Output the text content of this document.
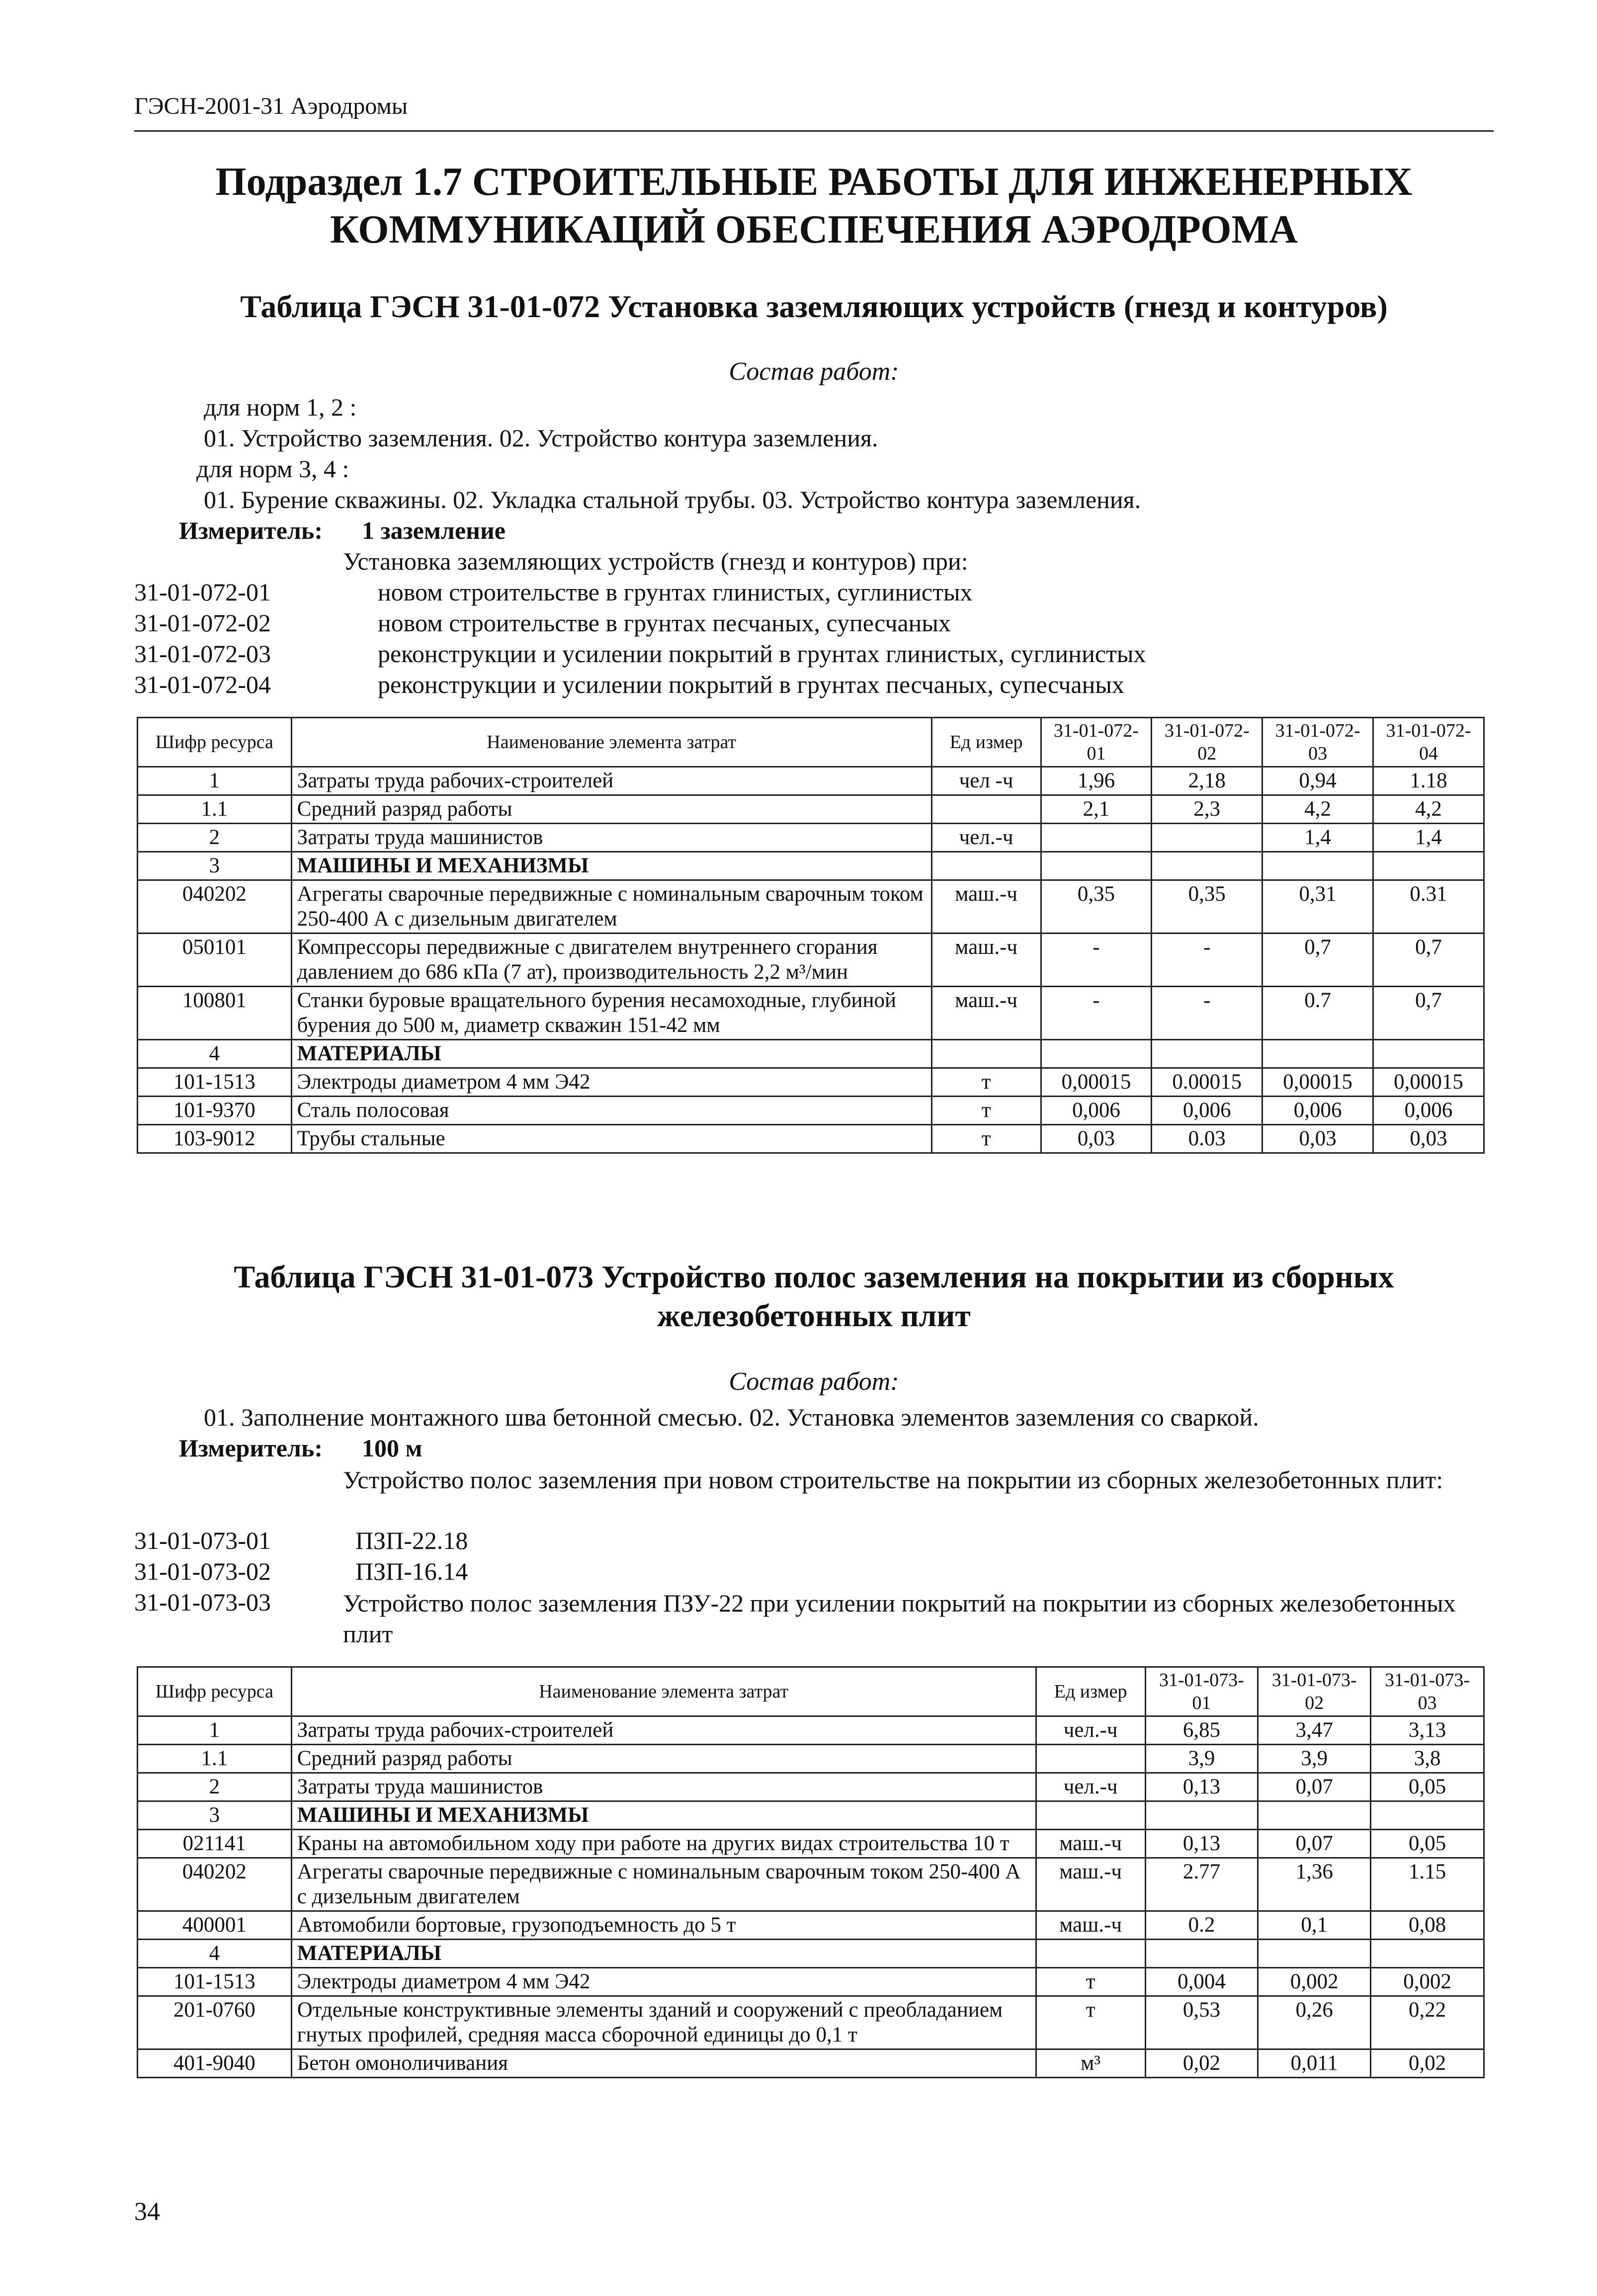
ГЭСН-2001-31 Аэродромы
Подраздел 1.7 СТРОИТЕЛЬНЫЕ РАБОТЫ ДЛЯ ИНЖЕНЕРНЫХ КОММУНИКАЦИЙ ОБЕСПЕЧЕНИЯ АЭРОДРОМА
Таблица ГЭСН 31-01-072 Установка заземляющих устройств (гнезд и контуров)
Состав работ:
для норм 1, 2 :
01. Устройство заземления. 02. Устройство контура заземления.
для норм 3, 4 :
01. Бурение скважины. 02. Укладка стальной трубы. 03. Устройство контура заземления.
Измеритель: 1 заземление
Установка заземляющих устройств (гнезд и контуров) при:
31-01-072-01	новом строительстве в грунтах глинистых, суглинистых
31-01-072-02	новом строительстве в грунтах песчаных, супесчаных
31-01-072-03	реконструкции и усилении покрытий в грунтах глинистых, суглинистых
31-01-072-04	реконструкции и усилении покрытий в грунтах песчаных, супесчаных
Шифр ресурса	Наименование элемента затрат	Ед измер	31-01-072-01	31-01-072-02	31-01-072-03	31-01-072-04
1	Затраты труда рабочих-строителей	чел -ч	1,96	2,18	0,94	1.18
1.1	Средний разряд работы		2,1	2,3	4,2	4,2
2	Затраты труда машинистов	чел.-ч			1,4	1,4
3	МАШИНЫ И МЕХАНИЗМЫ					
040202	Агрегаты сварочные передвижные с номинальным сварочным током 250-400 А с дизельным двигателем	маш.-ч	0,35	0,35	0,31	0.31
050101	Компрессоры передвижные с двигателем внутреннего сгорания давлением до 686 кПа (7 ат), производительность 2,2 м³/мин	маш.-ч	-	-	0,7	0,7
100801	Станки буровые вращательного бурения несамоходные, глубиной бурения до 500 м, диаметр скважин 151-42 мм	маш.-ч	-	-	0.7	0,7
4	МАТЕРИАЛЫ					
101-1513	Электроды диаметром 4 мм Э42	т	0,00015	0.00015	0,00015	0,00015
101-9370	Сталь полосовая	т	0,006	0,006	0,006	0,006
103-9012	Трубы стальные	т	0,03	0.03	0,03	0,03
Таблица ГЭСН 31-01-073 Устройство полос заземления на покрытии из сборных железобетонных плит
Состав работ:
01. Заполнение монтажного шва бетонной смесью. 02. Установка элементов заземления со сваркой.
Измеритель: 100 м
Устройство полос заземления при новом строительстве на покрытии из сборных железобетонных плит:
31-01-073-01	ПЗП-22.18
31-01-073-02	ПЗП-16.14
31-01-073-03	Устройство полос заземления ПЗУ-22 при усилении покрытий на покрытии из сборных железобетонных плит
Шифр ресурса	Наименование элемента затрат	Ед измер	31-01-073-01	31-01-073-02	31-01-073-03
1	Затраты труда рабочих-строителей	чел.-ч	6,85	3,47	3,13
1.1	Средний разряд работы		3,9	3,9	3,8
2	Затраты труда машинистов	чел.-ч	0,13	0,07	0,05
3	МАШИНЫ И МЕХАНИЗМЫ				
021141	Краны на автомобильном ходу при работе на других видах строительства 10 т	маш.-ч	0,13	0,07	0,05
040202	Агрегаты сварочные передвижные с номинальным сварочным током 250-400 А с дизельным двигателем	маш.-ч	2.77	1,36	1.15
400001	Автомобили бортовые, грузоподъемность до 5 т	маш.-ч	0.2	0,1	0,08
4	МАТЕРИАЛЫ				
101-1513	Электроды диаметром 4 мм Э42	т	0,004	0,002	0,002
201-0760	Отдельные конструктивные элементы зданий и сооружений с преобладанием гнутых профилей, средняя масса сборочной единицы до 0,1 т	т	0,53	0,26	0,22
401-9040	Бетон омоноличивания	м³	0,02	0,011	0,02
34
